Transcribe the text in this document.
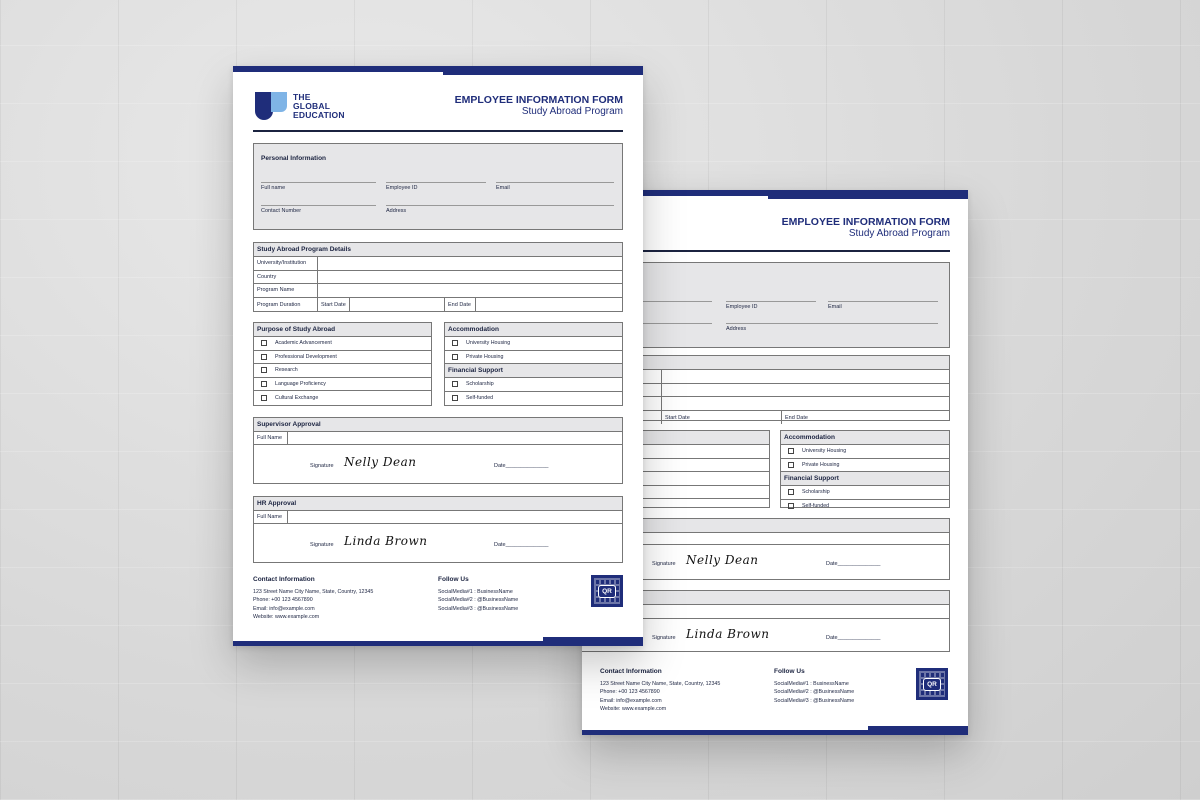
EMPLOYEE INFORMATION FORM
Study Abroad Program
Employee ID	Email
Address
Start Date	End Date
Accommodation
University Housing
Private Housing
Financial Support
Scholarship
Self-funded
Signature Nelly Dean	Date______________
Signature Linda Brown	Date______________
Contact Information
123 Street Name City Name, State, Country, 12345
Phone: +00 123 4567890
Email: info@example.com
Website: www.example.com
Follow Us
SocialMedia#1 : BusinessName
SocialMedia#2 : @BusinessName
SocialMedia#3 : @BusinessName
QR
THE
GLOBAL
EDUCATION
EMPLOYEE INFORMATION FORM
Study Abroad Program
Personal Information
Full name	Employee ID	Email
Contact Number	Address
Study Abroad Program Details
University/Institution
Country
Program Name
Program Duration	Start Date	End Date
Purpose of Study Abroad
Academic Advancement
Professional Development
Research
Language Proficiency
Cultural Exchange
Accommodation
University Housing
Private Housing
Financial Support
Scholarship
Self-funded
Supervisor Approval
Full Name
Signature Nelly Dean	Date______________
HR Approval
Full Name
Signature Linda Brown	Date______________
Contact Information
123 Street Name City Name, State, Country, 12345
Phone: +00 123 4567890
Email: info@example.com
Website: www.example.com
Follow Us
SocialMedia#1 : BusinessName
SocialMedia#2 : @BusinessName
SocialMedia#3 : @BusinessName
QR
